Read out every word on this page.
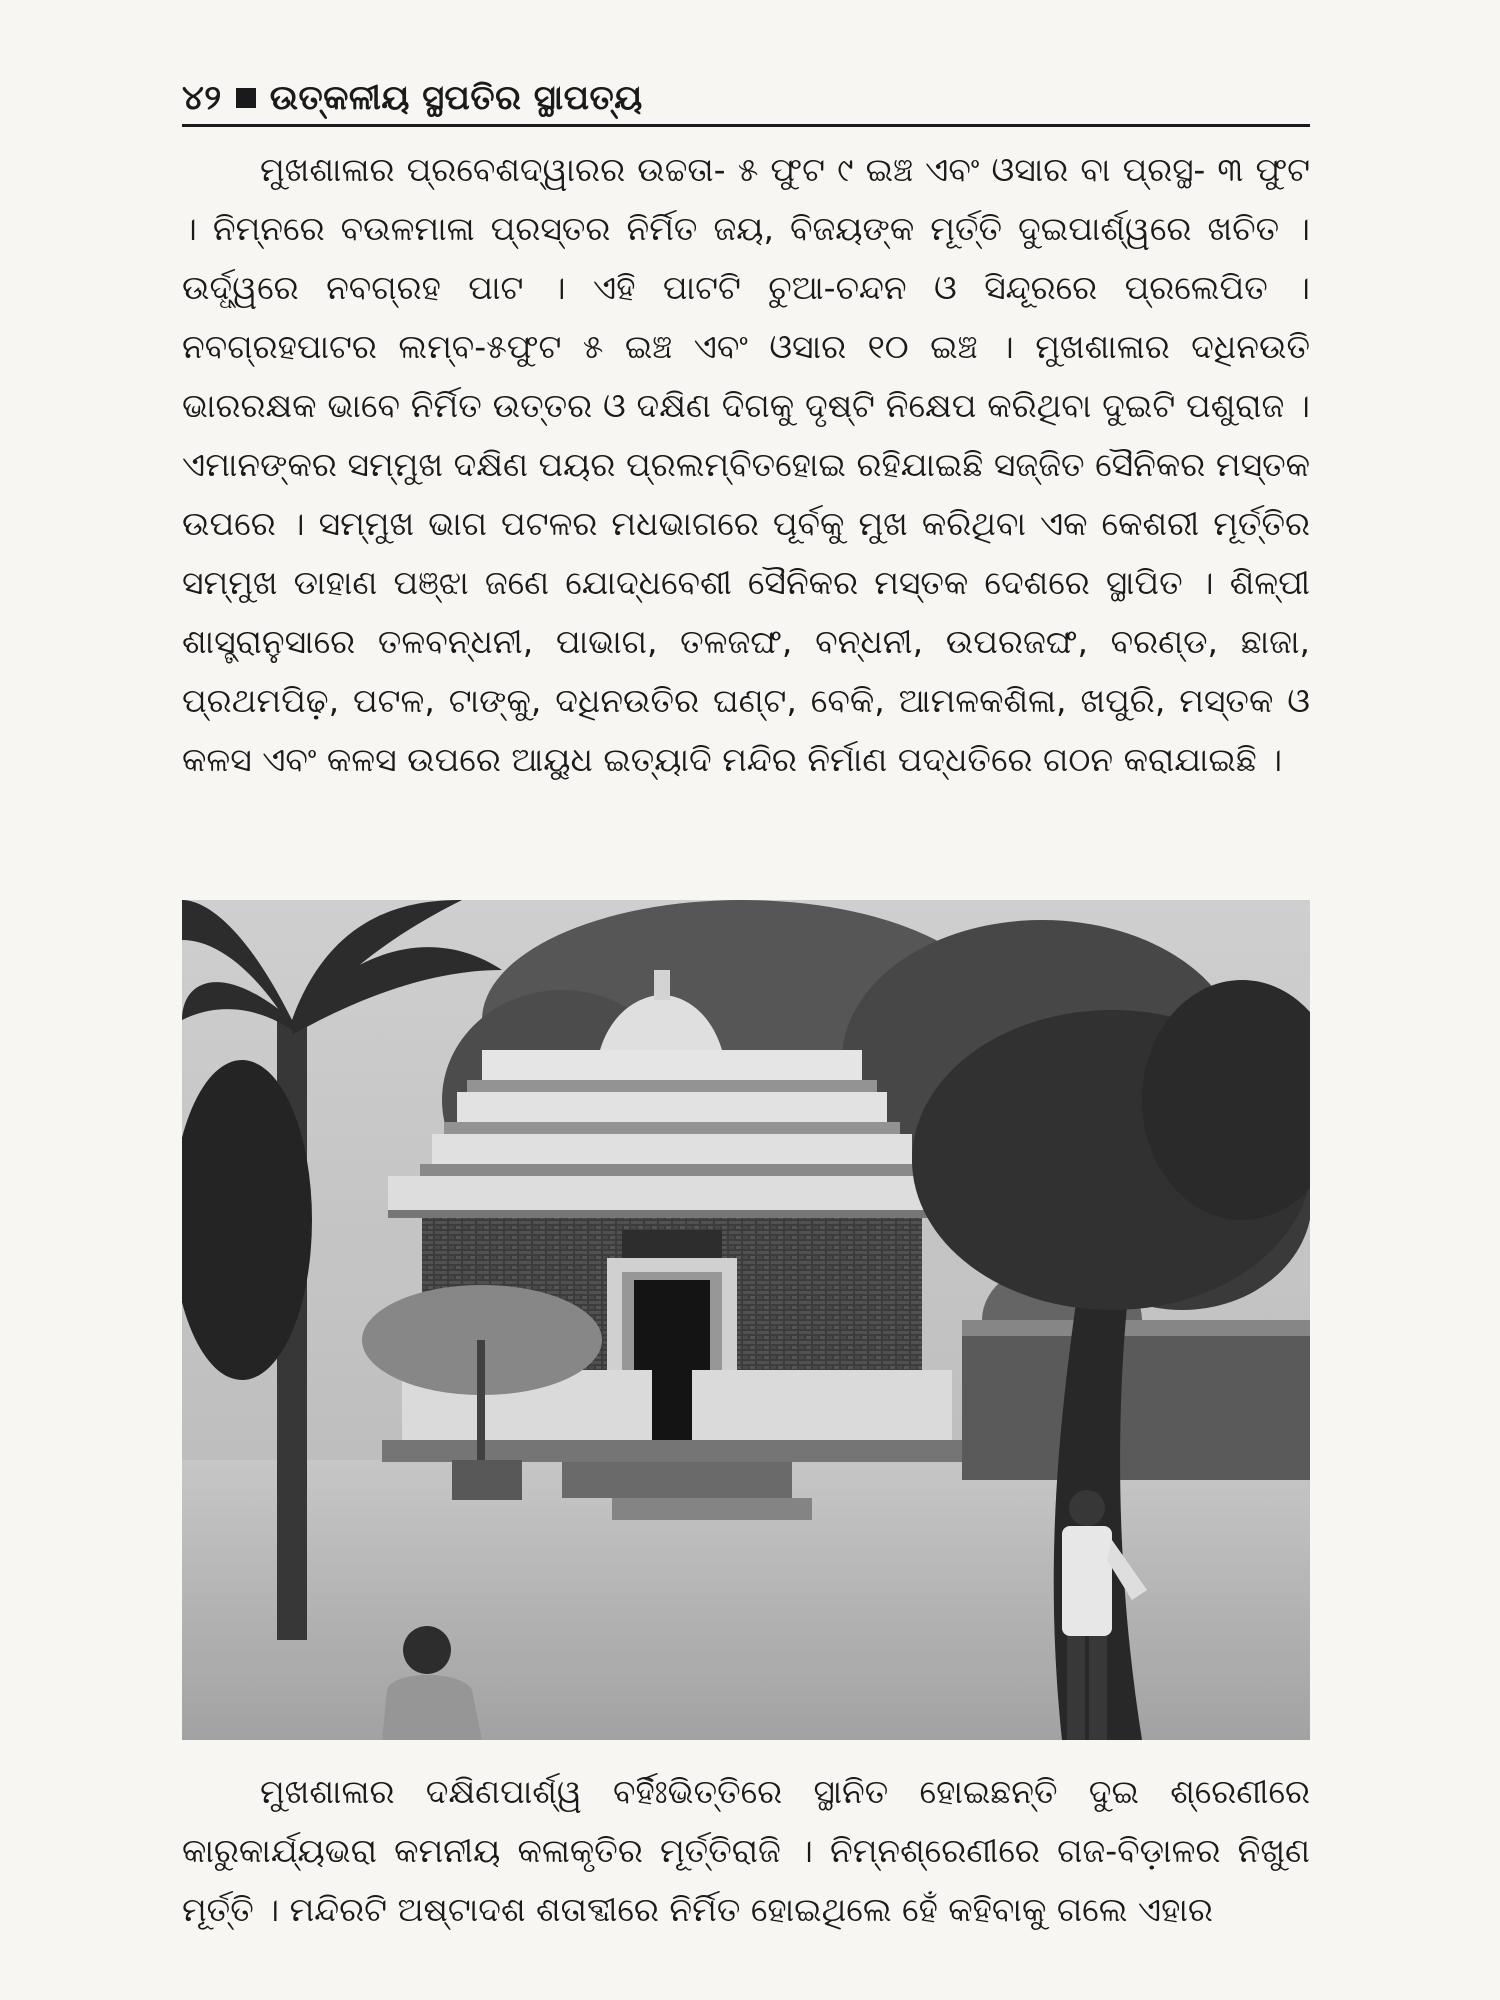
୪୨ ଉତ୍କଳୀୟ ସ୍ଥପତିର ସ୍ଥାପତ୍ୟ

ମୁଖଶାଳାର ପ୍ରବେଶଦ୍ୱାରର ଉଚ୍ଚତା- ୫ ଫୁଟ ୯ ଇଞ୍ଚ ଏବଂ ଓସାର ବା ପ୍ରସ୍ଥ- ୩ ଫୁଟ । ନିମ୍ନରେ ବଉଳମାଳା ପ୍ରସ୍ତର ନିର୍ମିତ ଜୟ, ବିଜୟଙ୍କ ମୂର୍ତ୍ତି ଦୁଇପାର୍ଶ୍ୱରେ ଖଚିତ । ଉର୍ଦ୍ଧ୍ୱରେ ନବଗ୍ରହ ପାଟ । ଏହି ପାଟଟି ଚୁଆ-ଚନ୍ଦନ ଓ ସିନ୍ଦୂରରେ ପ୍ରଲେପିତ । ନବଗ୍ରହପାଟର ଲମ୍ବ-୫ଫୁଟ ୫ ଇଞ୍ଚ ଏବଂ ଓସାର ୧୦ ଇଞ୍ଚ । ମୁଖଶାଳାର ଦଧିନଉତି ଭାରରକ୍ଷକ ଭାବେ ନିର୍ମିତ ଉତ୍ତର ଓ ଦକ୍ଷିଣ ଦିଗକୁ ଦୃଷ୍ଟି ନିକ୍ଷେପ କରିଥିବା ଦୁଇଟି ପଶୁରାଜ । ଏମାନଙ୍କର ସମ୍ମୁଖ ଦକ୍ଷିଣ ପୟର ପ୍ରଲମ୍ବିତହୋଇ ରହିଯାଇଛି ସଜ୍ଜିତ ସୈନିକର ମସ୍ତକ ଉପରେ । ସମ୍ମୁଖ ଭାଗ ପଟଳର ମଧଭାଗରେ ପୂର୍ବକୁ ମୁଖ କରିଥିବା ଏକ କେଶରୀ ମୂର୍ତ୍ତିର ସମ୍ମୁଖ ଡାହାଣ ପଞ୍ଝା ଜଣେ ଯୋଦ୍ଧବେଶୀ ସୈନିକର ମସ୍ତକ ଦେଶରେ ସ୍ଥାପିତ । ଶିଳ୍ପୀ ଶାସ୍ତ୍ରାନୁସାରେ ତଳବନ୍ଧନୀ, ପାଭାଗ, ତଳଜଙ୍ଘ, ବନ୍ଧନୀ, ଉପରଜଙ୍ଘ, ବରଣ୍ଡ, ଛାଜା, ପ୍ରଥମପିଢ଼, ପଟଳ, ଟାଙ୍କୁ, ଦଧିନଉତିର ଘଣ୍ଟ, ବେକି, ଆମଳକଶିଳା, ଖପୁରି, ମସ୍ତକ ଓ କଳସ ଏବଂ କଳସ ଉପରେ ଆୟୁଧ ଇତ୍ୟାଦି ମନ୍ଦିର ନିର୍ମାଣ ପଦ୍ଧତିରେ ଗଠନ କରାଯାଇଛି ।

ମୁଖଶାଳାର ଦକ୍ଷିଣପାର୍ଶ୍ୱ ବର୍ହିଃଭିତ୍ତିରେ ସ୍ଥାନିତ ହୋଇଛନ୍ତି ଦୁଇ ଶ୍ରେଣୀରେ କାରୁକାର୍ଯ୍ୟଭରା କମନୀୟ କଳାକୃତିର ମୂର୍ତ୍ତିରାଜି । ନିମ୍ନଶ୍ରେଣୀରେ ଗଜ-ବିଡ଼ାଳର ନିଖୁଣ ମୂର୍ତ୍ତି । ମନ୍ଦିରଟି ଅଷ୍ଟାଦଶ ଶତାବ୍ଦୀରେ ନିର୍ମିତ ହୋଇଥିଲେ ହେଁ କହିବାକୁ ଗଲେ ଏହାର
